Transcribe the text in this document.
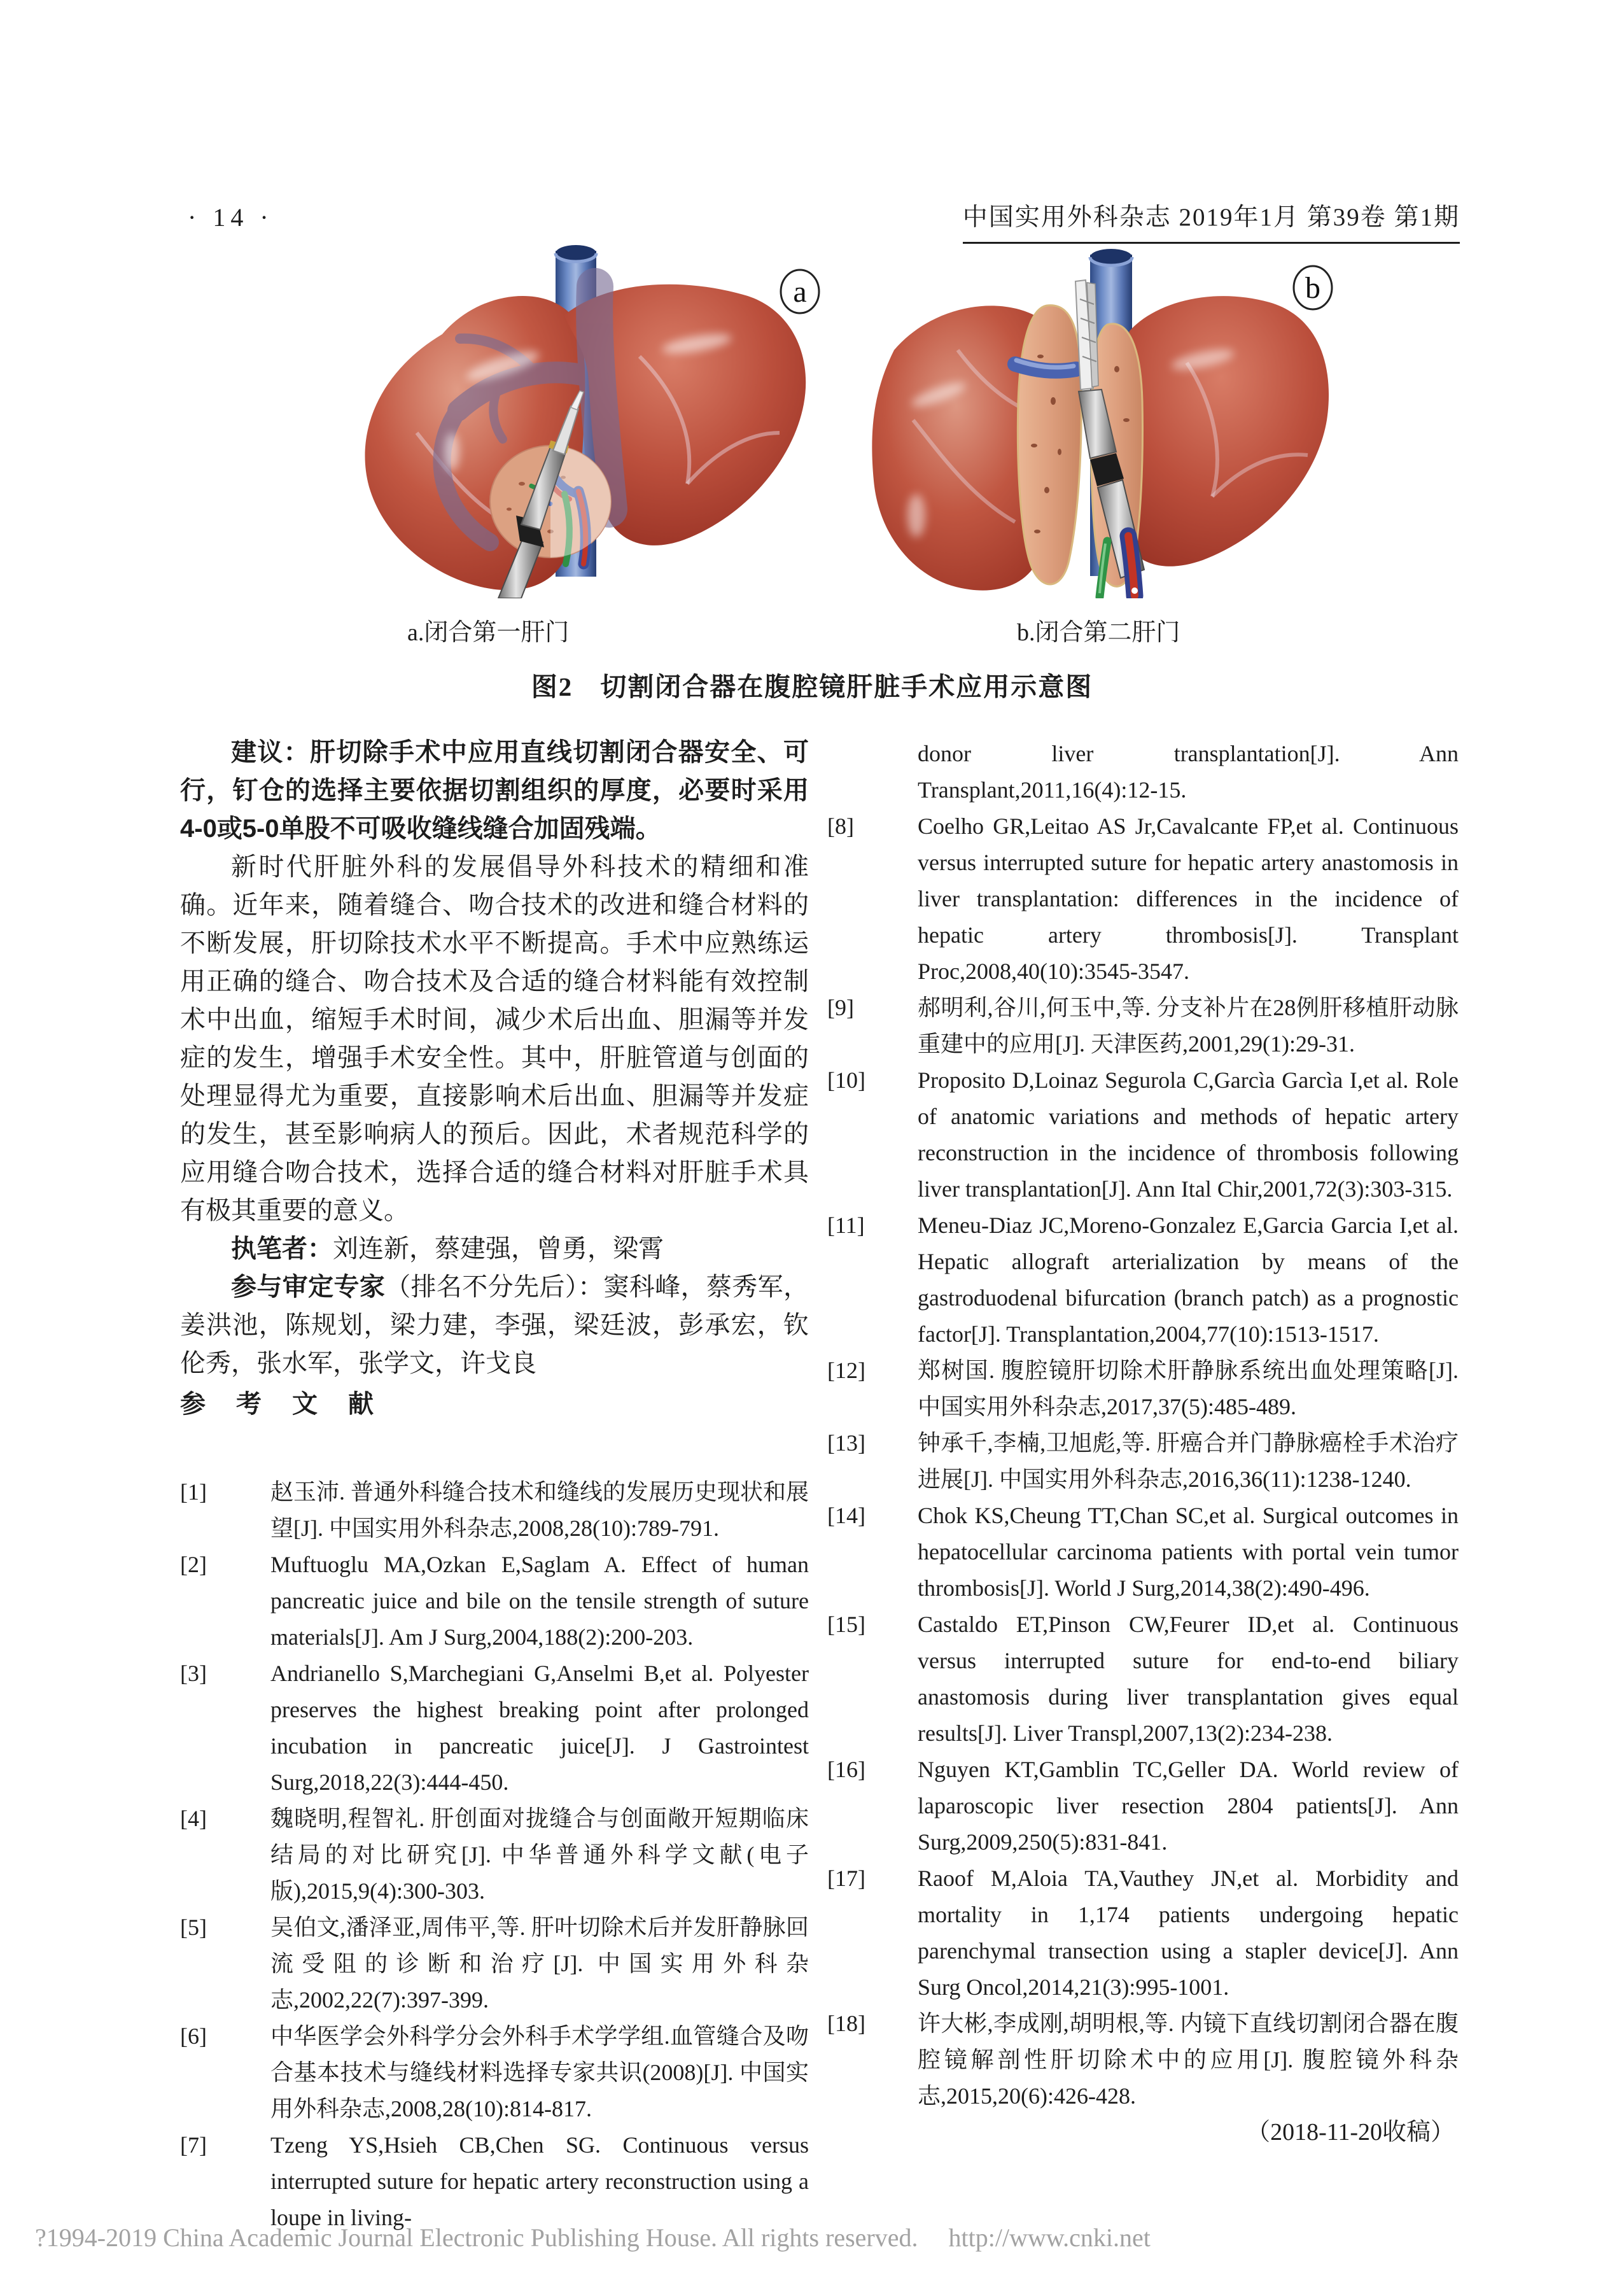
· 14 ·	中国实用外科杂志 2019年1月 第39卷 第1期
a	b
a.闭合第一肝门	b.闭合第二肝门
图2　切割闭合器在腹腔镜肝脏手术应用示意图

建议：肝切除手术中应用直线切割闭合器安全、可行，钉仓的选择主要依据切割组织的厚度，必要时采用4-0或5-0单股不可吸收缝线缝合加固残端。

新时代肝脏外科的发展倡导外科技术的精细和准确。近年来，随着缝合、吻合技术的改进和缝合材料的不断发展，肝切除技术水平不断提高。手术中应熟练运用正确的缝合、吻合技术及合适的缝合材料能有效控制术中出血，缩短手术时间，减少术后出血、胆漏等并发症的发生，增强手术安全性。其中，肝脏管道与创面的处理显得尤为重要，直接影响术后出血、胆漏等并发症的发生，甚至影响病人的预后。因此，术者规范科学的应用缝合吻合技术，选择合适的缝合材料对肝脏手术具有极其重要的意义。

执笔者：刘连新，蔡建强，曾勇，梁霄

参与审定专家（排名不分先后）：窦科峰，蔡秀军，姜洪池，陈规划，梁力建，李强，梁廷波，彭承宏，钦伦秀，张水军，张学文，许戈良

参　考　文　献
[1]	赵玉沛. 普通外科缝合技术和缝线的发展历史现状和展望[J]. 中国实用外科杂志,2008,28(10):789-791.
[2]	Muftuoglu MA,Ozkan E,Saglam A. Effect of human pancreatic juice and bile on the tensile strength of suture materials[J]. Am J Surg,2004,188(2):200-203.
[3]	Andrianello S,Marchegiani G,Anselmi B,et al. Polyester preserves the highest breaking point after prolonged incubation in pancreatic juice[J]. J Gastrointest Surg,2018,22(3):444-450.
[4]	魏晓明,程智礼. 肝创面对拢缝合与创面敞开短期临床结局的对比研究[J]. 中华普通外科学文献(电子版),2015,9(4):300-303.
[5]	吴伯文,潘泽亚,周伟平,等. 肝叶切除术后并发肝静脉回流受阻的诊断和治疗[J]. 中国实用外科杂志,2002,22(7):397-399.
[6]	中华医学会外科学分会外科手术学学组.血管缝合及吻合基本技术与缝线材料选择专家共识(2008)[J]. 中国实用外科杂志,2008,28(10):814-817.
[7]	Tzeng YS,Hsieh CB,Chen SG. Continuous versus interrupted suture for hepatic artery reconstruction using a loupe in living-
donor liver transplantation[J]. Ann Transplant,2011,16(4):12-15.
[8]	Coelho GR,Leitao AS Jr,Cavalcante FP,et al. Continuous versus interrupted suture for hepatic artery anastomosis in liver transplantation: differences in the incidence of hepatic artery thrombosis[J]. Transplant Proc,2008,40(10):3545-3547.
[9]	郝明利,谷川,何玉中,等. 分支补片在28例肝移植肝动脉重建中的应用[J]. 天津医药,2001,29(1):29-31.
[10]	Proposito D,Loinaz Segurola C,Garcìa Garcìa I,et al. Role of anatomic variations and methods of hepatic artery reconstruction in the incidence of thrombosis following liver transplantation[J]. Ann Ital Chir,2001,72(3):303-315.
[11]	Meneu-Diaz JC,Moreno-Gonzalez E,Garcia Garcia I,et al. Hepatic allograft arterialization by means of the gastroduodenal bifurcation (branch patch) as a prognostic factor[J]. Transplantation,2004,77(10):1513-1517.
[12]	郑树国. 腹腔镜肝切除术肝静脉系统出血处理策略[J]. 中国实用外科杂志,2017,37(5):485-489.
[13]	钟承千,李楠,卫旭彪,等. 肝癌合并门静脉癌栓手术治疗进展[J]. 中国实用外科杂志,2016,36(11):1238-1240.
[14]	Chok KS,Cheung TT,Chan SC,et al. Surgical outcomes in hepatocellular carcinoma patients with portal vein tumor thrombosis[J]. World J Surg,2014,38(2):490-496.
[15]	Castaldo ET,Pinson CW,Feurer ID,et al. Continuous versus interrupted suture for end-to-end biliary anastomosis during liver transplantation gives equal results[J]. Liver Transpl,2007,13(2):234-238.
[16]	Nguyen KT,Gamblin TC,Geller DA. World review of laparoscopic liver resection 2804 patients[J]. Ann Surg,2009,250(5):831-841.
[17]	Raoof M,Aloia TA,Vauthey JN,et al. Morbidity and mortality in 1,174 patients undergoing hepatic parenchymal transection using a stapler device[J]. Ann Surg Oncol,2014,21(3):995-1001.
[18]	许大彬,李成刚,胡明根,等. 内镜下直线切割闭合器在腹腔镜解剖性肝切除术中的应用[J]. 腹腔镜外科杂志,2015,20(6):426-428.

（2018-11-20收稿）

?1994-2019 China Academic Journal Electronic Publishing House. All rights reserved. http://www.cnki.net
